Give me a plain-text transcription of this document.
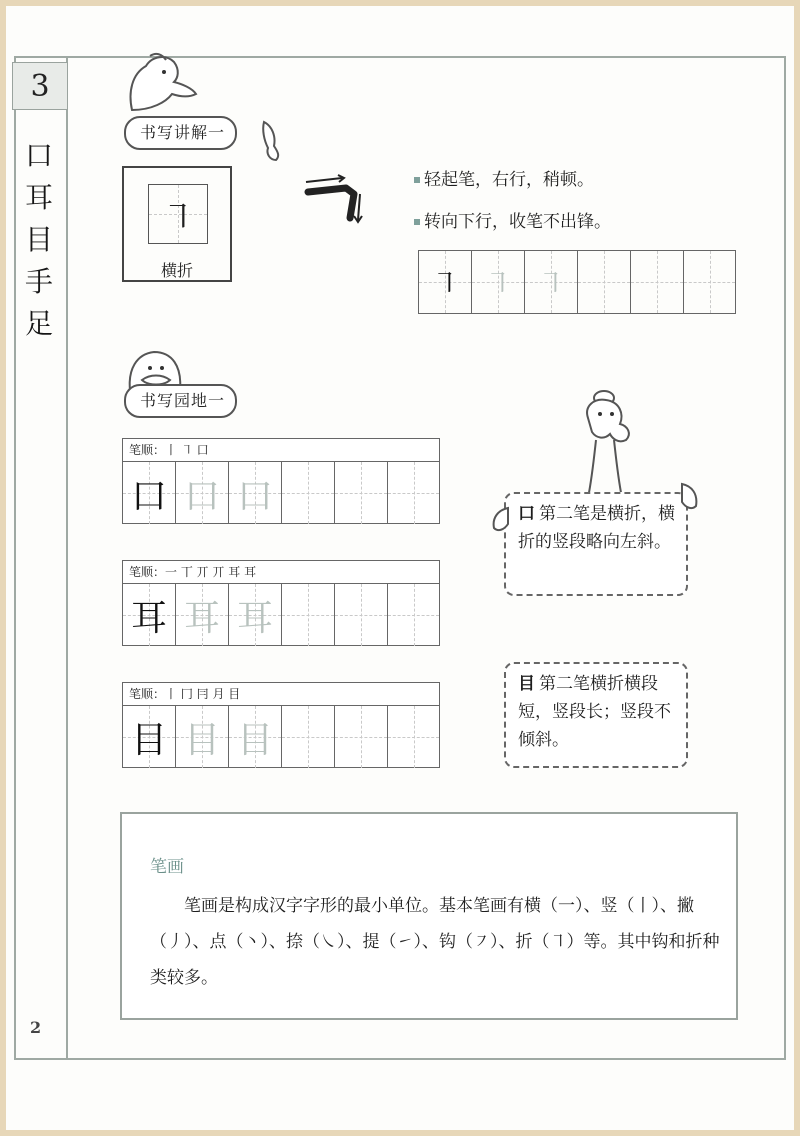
3
口
耳
目
手
足
2
书写讲解一
㇕
横折
轻起笔，右行，稍顿。
转向下行，收笔不出锋。
㇕ ㇕ ㇕
书写园地一
笔顺：丨 ㇕ 口
口 口 口
笔顺：一 丅 丌 丌 耳 耳
耳 耳 耳
笔顺：丨 冂 冃 月 目
目 目 目
口 第二笔是横折，横折的竖段略向左斜。
目 第二笔横折横段短，竖段长；竖段不倾斜。
笔画
笔画是构成汉字字形的最小单位。基本笔画有横（一）、竖（丨）、撇（丿）、点（丶）、捺（㇏）、提（㇀）、钩（㇇）、折（㇕）等。其中钩和折种类较多。
